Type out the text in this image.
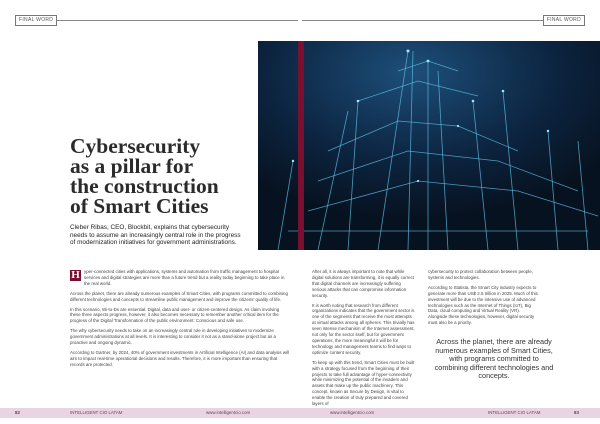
FINAL WORD	FINAL WORD
Cybersecurity
as a pillar for
the construction
of Smart Cities
Cleber Ribas, CEO, Blockbit, explains that cybersecurity needs to assume an increasingly central role in the progress of modernization initiatives for government administrations.

H yper-connected cities with applications, systems and automation from traffic management to hospital services and digital strategies are more than a future trend but a reality today beginning to take place in the real world.

Across the planet, there are already numerous examples of Smart Cities, with programs committed to combining different technologies and concepts to streamline public management and improve the citizens' quality of life.

In this scenario, Wi-to-Ds are essential. Digital, data and user- or citizen-centered design. As claim involving these three aspects progress, however, it also becomes necessary to remember another critical item for the progress of the Digital Transformation of the public environment: Conscious and safe use.

The why cybersecurity needs to take on an increasingly central role in developing initiatives to modernize government administrations at all levels. It is interesting to consider it not as a stand-alone project but as a proactive and ongoing dynamic.

According to Gartner, by 2024, 40% of government investments in Artificial Intelligence (AI) and data analysis will aim to impact real-time operational decisions and results. Therefore, it is more important than ensuring that records are protected.

After all, it is always important to note that while digital solutions are transforming, it is equally correct that digital channels are increasingly suffering serious attacks that can compromise information security.

It is worth noting that research from different organizations indicates that the government sector is one of the segments that receive the most attempts at virtual attacks among all spheres. This trivially has seen intense mechanism of the Internet assessment, not only for the sector itself, but for government operations, the more meaningful it will be for technology and management teams to find ways to optimize content security.

To keep up with this trend, Smart Cities must be built with a strategy focused from the beginning of their projects to take full advantage of hyper-connectivity while minimizing the potential of the invaders and assets that make up the public machinery. This concept, known as Secure by Design, is vital to enable the creation of truly prepared and covered layers of

cybersecurity to protect collaboration between people, systems and technologies.

According to Statista, the Smart City industry expects to generate more than US$ 2.5 trillion in 2025. Much of this investment will be due to the intensive use of advanced technologies such as the Internet of Things (IoT), Big Data, cloud computing and Virtual Reality (VR). Alongside these technologies, however, digital security must also be a priority.

Across the planet, there are already numerous examples of Smart Cities, with programs committed to combining different technologies and concepts.
82	INTELLIGENT CIO LATAM	www.intelligentcio.com	www.intelligentcio.com	INTELLIGENT CIO LATAM	83
